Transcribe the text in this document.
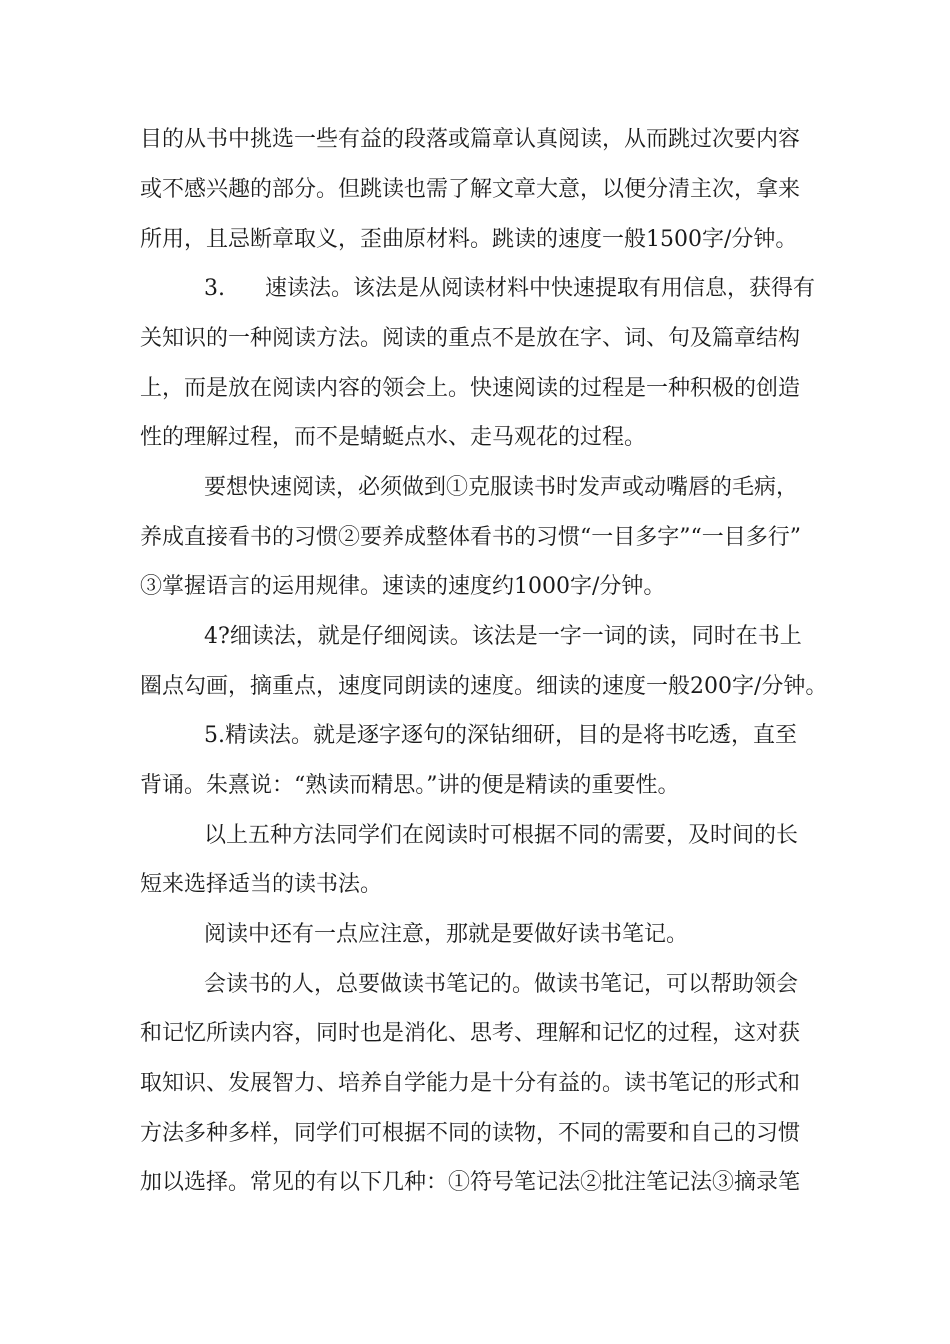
目的从书中挑选一些有益的段落或篇章认真阅读，从而跳过次要内容
或不感兴趣的部分。但跳读也需了解文章大意，以便分清主次，拿来
所用，且忌断章取义，歪曲原材料。跳读的速度一般1500字/分钟。
3. 速读法。该法是从阅读材料中快速提取有用信息，获得有
关知识的一种阅读方法。阅读的重点不是放在字、词、句及篇章结构
上，而是放在阅读内容的领会上。快速阅读的过程是一种积极的创造
性的理解过程，而不是蜻蜓点水、走马观花的过程。
要想快速阅读，必须做到①克服读书时发声或动嘴唇的毛病，
养成直接看书的习惯②要养成整体看书的习惯“一目多字”“一目多行”
③掌握语言的运用规律。速读的速度约1000字/分钟。
4?细读法，就是仔细阅读。该法是一字一词的读，同时在书上
圈点勾画，摘重点，速度同朗读的速度。细读的速度一般200字/分钟。
5.精读法。就是逐字逐句的深钻细研，目的是将书吃透，直至
背诵。朱熹说：“熟读而精思。”讲的便是精读的重要性。
以上五种方法同学们在阅读时可根据不同的需要，及时间的长
短来选择适当的读书法。
阅读中还有一点应注意，那就是要做好读书笔记。
会读书的人，总要做读书笔记的。做读书笔记，可以帮助领会
和记忆所读内容，同时也是消化、思考、理解和记忆的过程，这对获
取知识、发展智力、培养自学能力是十分有益的。读书笔记的形式和
方法多种多样，同学们可根据不同的读物，不同的需要和自己的习惯
加以选择。常见的有以下几种：①符号笔记法②批注笔记法③摘录笔
